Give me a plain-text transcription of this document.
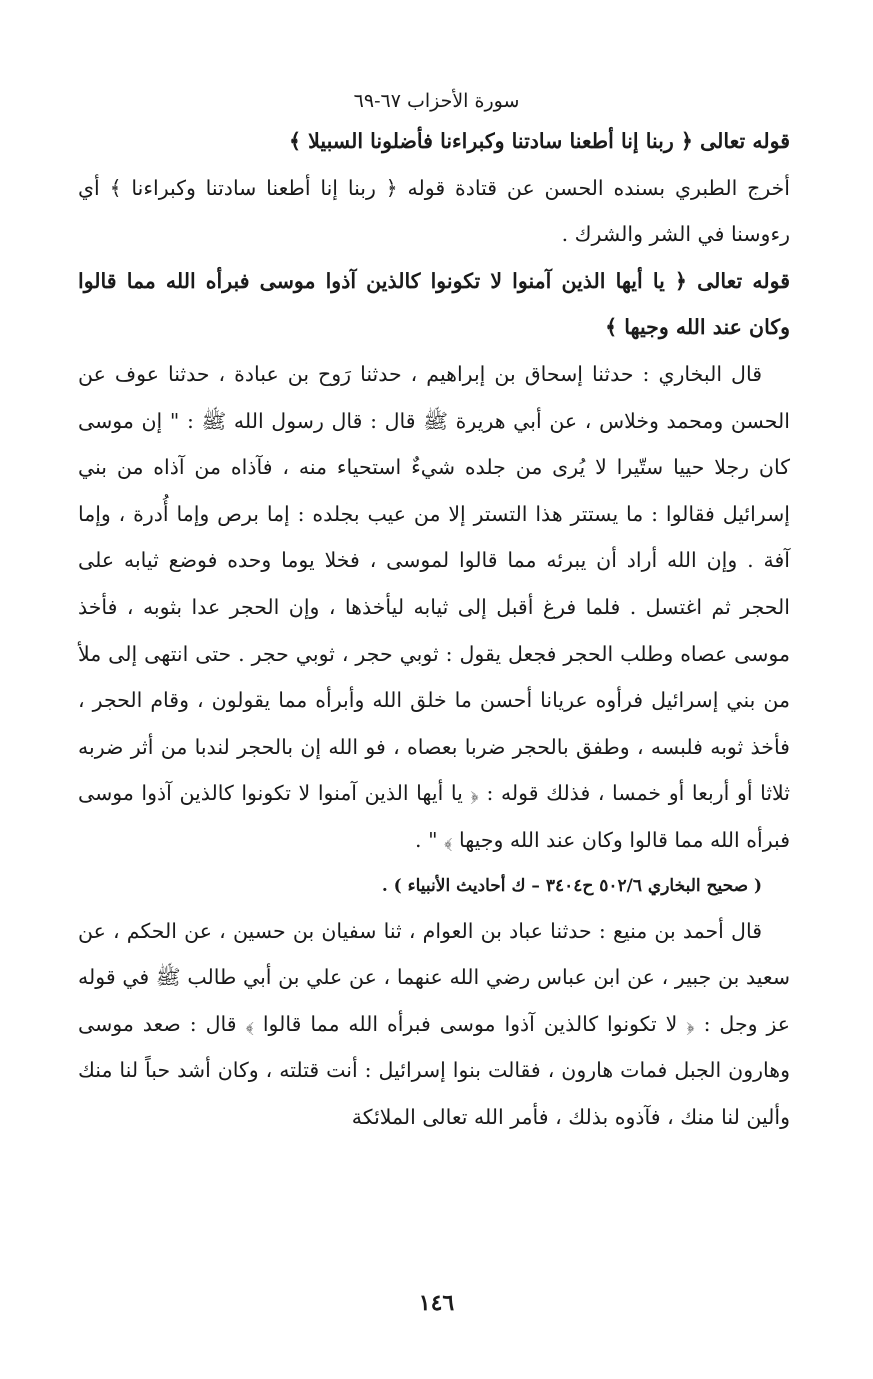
سورة الأحزاب ٦٧-٦٩

قوله تعالى ﴿ ربنا إنا أطعنا سادتنا وكبراءنا فأضلونا السبيلا ﴾

أخرج الطبري بسنده الحسن عن قتادة قوله ﴿ ربنا إنا أطعنا سادتنا وكبراءنا ﴾ أي رءوسنا في الشر والشرك .

قوله تعالى ﴿ يا أيها الذين آمنوا لا تكونوا كالذين آذوا موسى فبرأه الله مما قالوا وكان عند الله وجيها ﴾

قال البخاري : حدثنا إسحاق بن إبراهيم ، حدثنا رَوح بن عبادة ، حدثنا عوف عن الحسن ومحمد وخلاس ، عن أبي هريرة ﷺ قال : قال رسول الله ﷺ : " إن موسى كان رجلا حييا ستّيرا لا يُرى من جلده شيءٌ استحياء منه ، فآذاه من آذاه من بني إسرائيل فقالوا : ما يستتر هذا التستر إلا من عيب بجلده : إما برص وإما أُدرة ، وإما آفة . وإن الله أراد أن يبرئه مما قالوا لموسى ، فخلا يوما وحده فوضع ثيابه على الحجر ثم اغتسل . فلما فرغ أقبل إلى ثيابه ليأخذها ، وإن الحجر عدا بثوبه ، فأخذ موسى عصاه وطلب الحجر فجعل يقول : ثوبي حجر ، ثوبي حجر . حتى انتهى إلى ملأ من بني إسرائيل فرأوه عريانا أحسن ما خلق الله وأبرأه مما يقولون ، وقام الحجر ، فأخذ ثوبه فلبسه ، وطفق بالحجر ضربا بعصاه ، فو الله إن بالحجر لندبا من أثر ضربه ثلاثا أو أربعا أو خمسا ، فذلك قوله : ﴿ يا أيها الذين آمنوا لا تكونوا كالذين آذوا موسى فبرأه الله مما قالوا وكان عند الله وجيها ﴾ " .

( صحيح البخاري ٥٠٢/٦ ح٣٤٠٤ – ك أحاديث الأنبياء ) .

قال أحمد بن منيع : حدثنا عباد بن العوام ، ثنا سفيان بن حسين ، عن الحكم ، عن سعيد بن جبير ، عن ابن عباس رضي الله عنهما ، عن علي بن أبي طالب ﷺ في قوله عز وجل : ﴿ لا تكونوا كالذين آذوا موسى فبرأه الله مما قالوا ﴾ قال : صعد موسى وهارون الجبل فمات هارون ، فقالت بنوا إسرائيل : أنت قتلته ، وكان أشد حباً لنا منك وألين لنا منك ، فآذوه بذلك ، فأمر الله تعالى الملائكة

١٤٦
